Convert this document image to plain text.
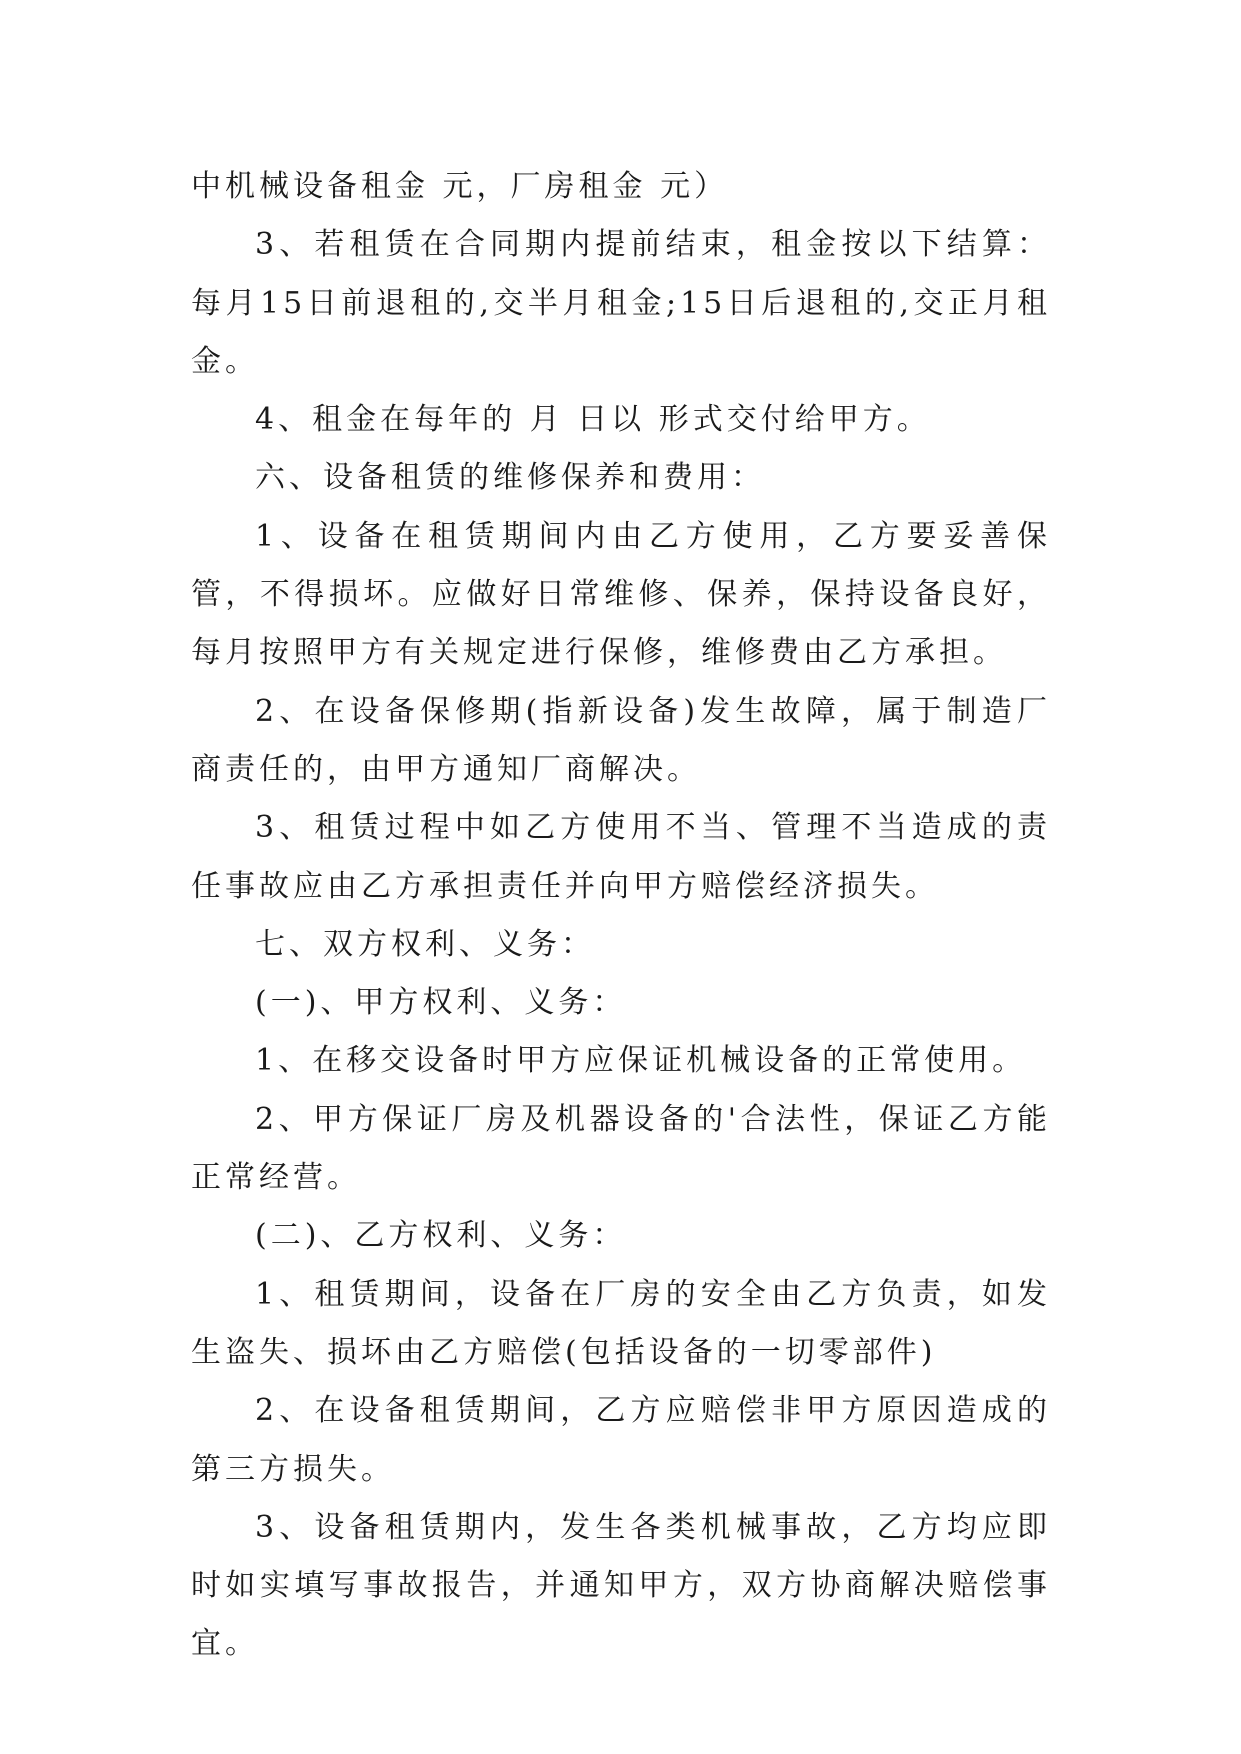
中机械设备租金 元，厂房租金 元）

3、若租赁在合同期内提前结束，租金按以下结算：每月15日前退租的,交半月租金;15日后退租的,交正月租金。

4、租金在每年的 月 日以 形式交付给甲方。

六、设备租赁的维修保养和费用：

1、设备在租赁期间内由乙方使用，乙方要妥善保管，不得损坏。应做好日常维修、保养，保持设备良好，每月按照甲方有关规定进行保修，维修费由乙方承担。

2、在设备保修期(指新设备)发生故障，属于制造厂商责任的，由甲方通知厂商解决。

3、租赁过程中如乙方使用不当、管理不当造成的责任事故应由乙方承担责任并向甲方赔偿经济损失。

七、双方权利、义务：

(一)、甲方权利、义务：

1、在移交设备时甲方应保证机械设备的正常使用。

2、甲方保证厂房及机器设备的'合法性，保证乙方能正常经营。

(二)、乙方权利、义务：

1、租赁期间，设备在厂房的安全由乙方负责，如发生盗失、损坏由乙方赔偿(包括设备的一切零部件)

2、在设备租赁期间，乙方应赔偿非甲方原因造成的第三方损失。

3、设备租赁期内，发生各类机械事故，乙方均应即时如实填写事故报告，并通知甲方，双方协商解决赔偿事宜。
